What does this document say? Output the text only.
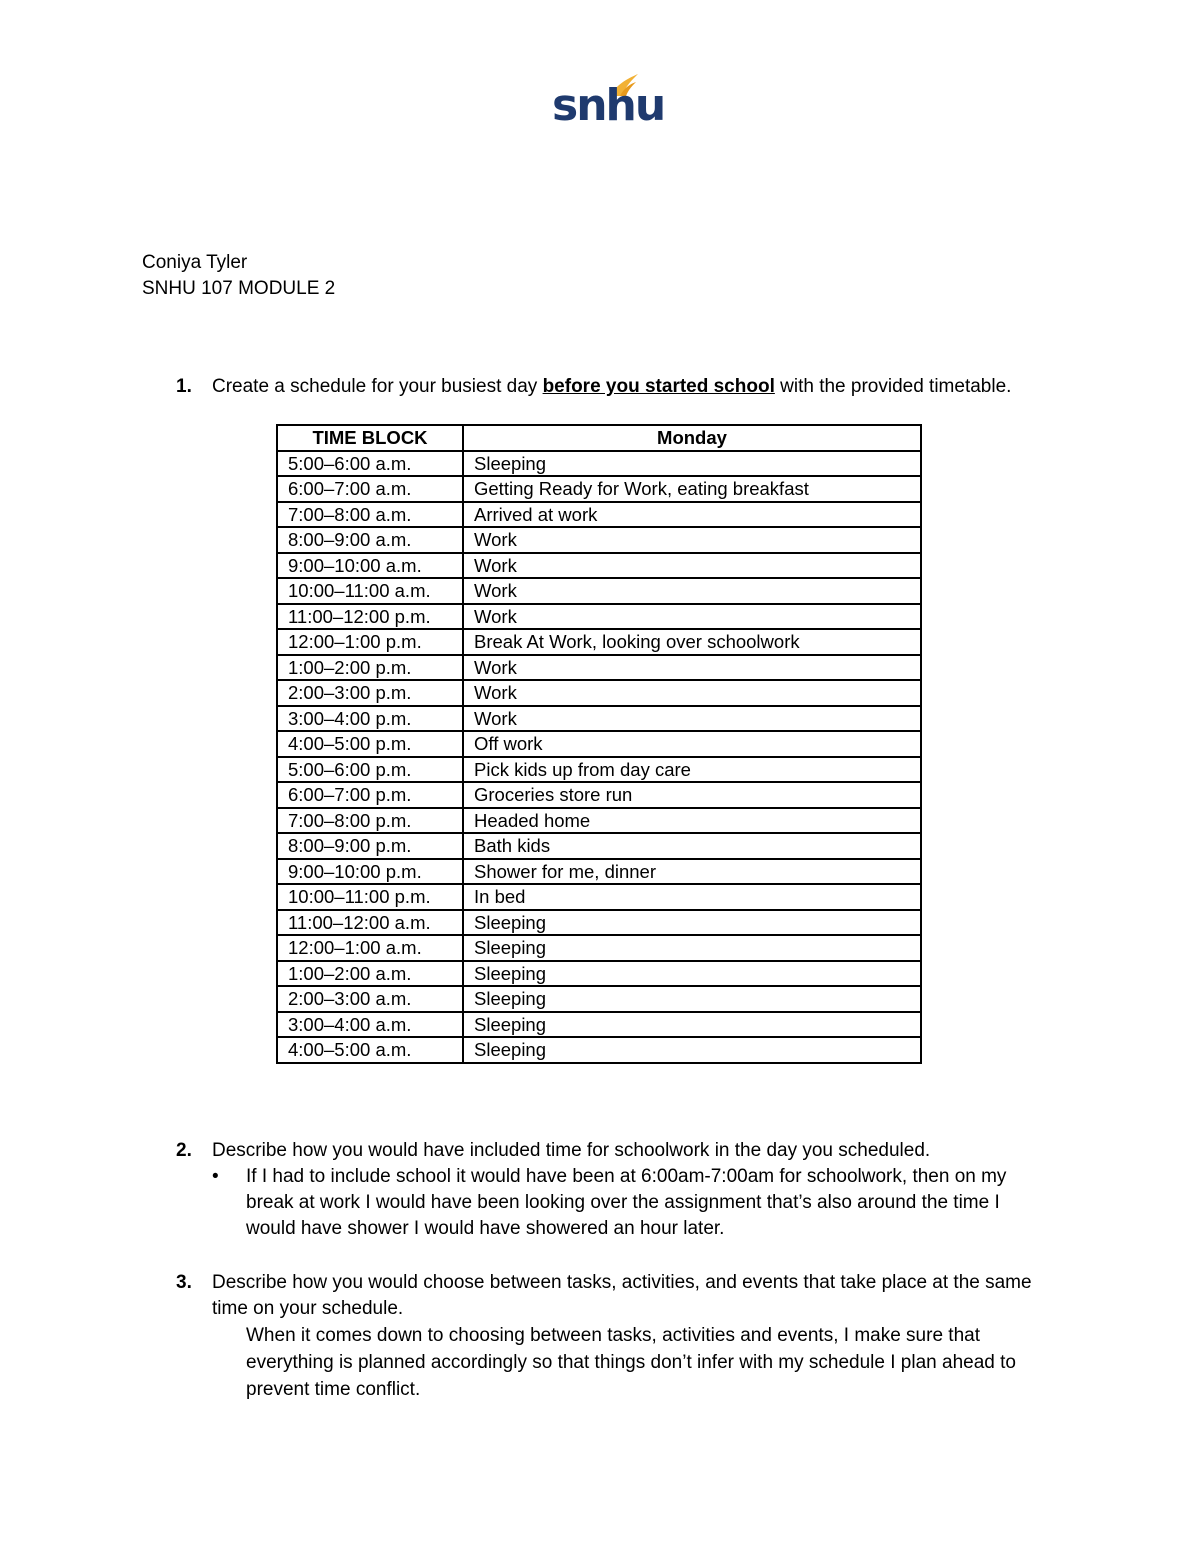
snhu
Coniya Tyler
SNHU 107 MODULE 2
1. Create a schedule for your busiest day before you started school with the provided timetable.
TIME BLOCK	Monday
5:00–6:00 a.m.	Sleeping
6:00–7:00 a.m.	Getting Ready for Work, eating breakfast
7:00–8:00 a.m.	Arrived at work
8:00–9:00 a.m.	Work
9:00–10:00 a.m.	Work
10:00–11:00 a.m.	Work
11:00–12:00 p.m.	Work
12:00–1:00 p.m.	Break At Work, looking over schoolwork
1:00–2:00 p.m.	Work
2:00–3:00 p.m.	Work
3:00–4:00 p.m.	Work
4:00–5:00 p.m.	Off work
5:00–6:00 p.m.	Pick kids up from day care
6:00–7:00 p.m.	Groceries store run
7:00–8:00 p.m.	Headed home
8:00–9:00 p.m.	Bath kids
9:00–10:00 p.m.	Shower for me, dinner
10:00–11:00 p.m.	In bed
11:00–12:00 a.m.	Sleeping
12:00–1:00 a.m.	Sleeping
1:00–2:00 a.m.	Sleeping
2:00–3:00 a.m.	Sleeping
3:00–4:00 a.m.	Sleeping
4:00–5:00 a.m.	Sleeping
2. Describe how you would have included time for schoolwork in the day you scheduled.
• If I had to include school it would have been at 6:00am-7:00am for schoolwork, then on my break at work I would have been looking over the assignment that’s also around the time I would have shower I would have showered an hour later.
3. Describe how you would choose between tasks, activities, and events that take place at the same time on your schedule.
When it comes down to choosing between tasks, activities and events, I make sure that everything is planned accordingly so that things don’t infer with my schedule I plan ahead to prevent time conflict.
